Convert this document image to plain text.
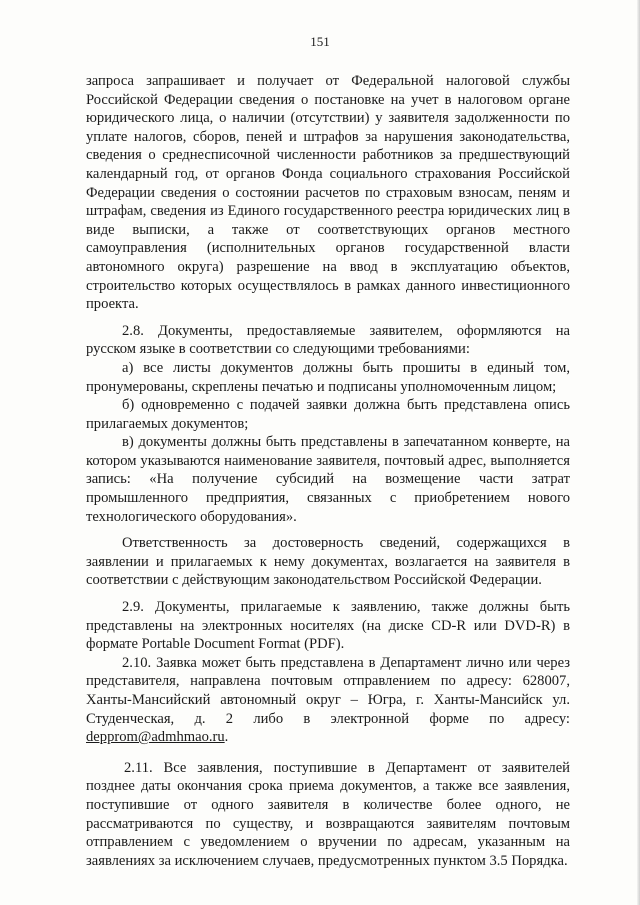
151

запроса запрашивает и получает от Федеральной налоговой службы Российской Федерации сведения о постановке на учет в налоговом органе юридического лица, о наличии (отсутствии) у заявителя задолженности по уплате налогов, сборов, пеней и штрафов за нарушения законодательства, сведения о среднесписочной численности работников за предшествующий календарный год, от органов Фонда социального страхования Российской Федерации сведения о состоянии расчетов по страховым взносам, пеням и штрафам, сведения из Единого государственного реестра юридических лиц в виде выписки, а также от соответствующих органов местного самоуправления (исполнительных органов государственной власти автономного округа) разрешение на ввод в эксплуатацию объектов, строительство которых осуществлялось в рамках данного инвестиционного проекта.

2.8. Документы, предоставляемые заявителем, оформляются на русском языке в соответствии со следующими требованиями:

а) все листы документов должны быть прошиты в единый том, пронумерованы, скреплены печатью и подписаны уполномоченным лицом;

б) одновременно с подачей заявки должна быть представлена опись прилагаемых документов;

в) документы должны быть представлены в запечатанном конверте, на котором указываются наименование заявителя, почтовый адрес, выполняется запись: «На получение субсидий на возмещение части затрат промышленного предприятия, связанных с приобретением нового технологического оборудования».

Ответственность за достоверность сведений, содержащихся в заявлении и прилагаемых к нему документах, возлагается на заявителя в соответствии с действующим законодательством Российской Федерации.

2.9. Документы, прилагаемые к заявлению, также должны быть представлены на электронных носителях (на диске CD-R или DVD-R) в формате Portable Document Format (PDF).

2.10. Заявка может быть представлена в Департамент лично или через представителя, направлена почтовым отправлением по адресу: 628007, Ханты-Мансийский автономный округ – Югра, г. Ханты-Мансийск ул. Студенческая, д. 2 либо в электронной форме по адресу: depprom@admhmao.ru.

2.11. Все заявления, поступившие в Департамент от заявителей позднее даты окончания срока приема документов, а также все заявления, поступившие от одного заявителя в количестве более одного, не рассматриваются по существу, и возвращаются заявителям почтовым отправлением с уведомлением о вручении по адресам, указанным на заявлениях за исключением случаев, предусмотренных пунктом 3.5 Порядка.
